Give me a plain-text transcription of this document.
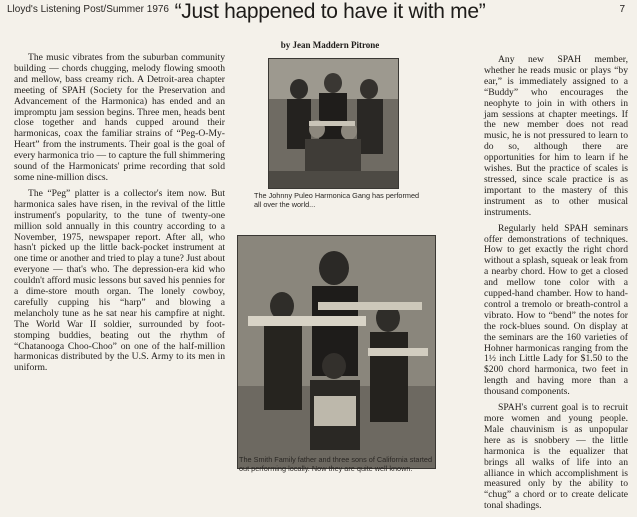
Lloyd's Listening Post/Summer 1976	7
“Just happened to have it with me”
by Jean Maddern Pitrone

The music vibrates from the suburban community building — chords chugging, melody flowing smooth and mellow, bass creamy rich. A Detroit-area chapter meeting of SPAH (Society for the Preservation and Advancement of the Harmonica) has ended and an impromptu jam session begins. Three men, heads bent close together and hands cupped around their harmonicas, coax the familiar strains of “Peg-O-My-Heart” from the instruments. Their goal is the goal of every harmonica trio — to capture the full shimmering sound of the Harmonicats' prime recording that sold some nine-million discs.

The “Peg” platter is a collector's item now. But harmonica sales have risen, in the revival of the little instrument's popularity, to the tune of twenty-one million sold annually in this country according to a November, 1975, newspaper report. After all, who hasn't picked up the little back-pocket instrument at one time or another and tried to play a tune? Just about everyone — that's who. The depression-era kid who couldn't afford music lessons but saved his pennies for a dime-store mouth organ. The lonely cowboy, carefully cupping his “harp” and blowing a melancholy tune as he sat near his campfire at night. The World War II soldier, surrounded by foot-stomping buddies, beating out the rhythm of “Chatanooga Choo-Choo” on one of the half-million harmonicas distributed by the U.S. Army to its men in uniform.

The Johnny Puleo Harmonica Gang has performed all over the world...
The Smith Family father and three sons of California started out performing locally. Now they are quite well known.

Any new SPAH member, whether he reads music or plays “by ear,” is immediately assigned to a “Buddy” who encourages the neophyte to join in with others in jam sessions at chapter meetings. If the new member does not read music, he is not pressured to learn to do so, although there are opportunities for him to learn if he wishes. But the practice of scales is stressed, since scale practice is as important to the mastery of this instrument as to other musical instruments.

Regularly held SPAH seminars offer demonstrations of techniques. How to get exactly the right chord without a splash, squeak or leak from a nearby chord. How to get a closed and mellow tone color with a cupped-hand chamber. How to hand-control a tremolo or breath-control a vibrato. How to “bend” the notes for the rock-blues sound. On display at the seminars are the 160 varieties of Hohner harmonicas ranging from the 1½ inch Little Lady for $1.50 to the $200 chord harmonica, two feet in length and having more than a thousand components.

SPAH's current goal is to recruit more women and young people. Male chauvinism is as unpopular here as is snobbery — the little harmonica is the equalizer that brings all walks of life into an alliance in which accomplishment is measured only by the ability to “chug” a chord or to create delicate tonal shadings.
